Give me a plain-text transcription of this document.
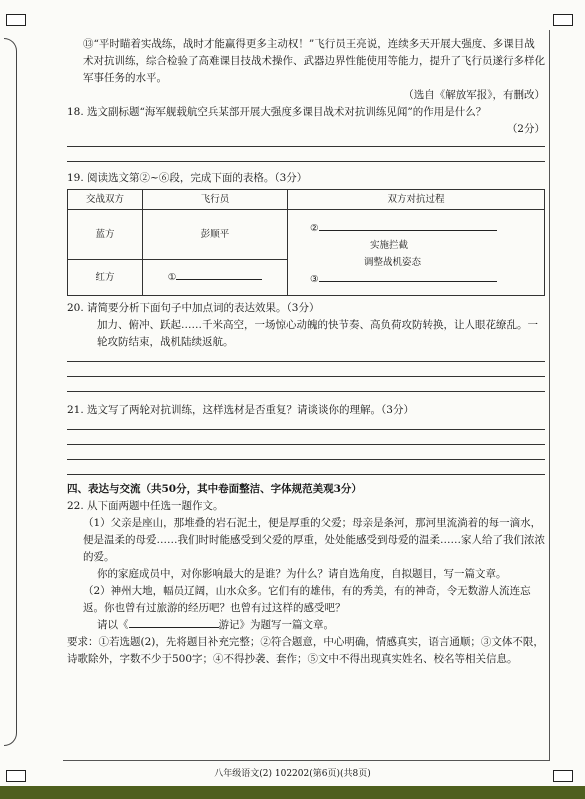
⑬“平时瞄着实战练，战时才能赢得更多主动权！”飞行员王亮说，连续多天开展大强度、多课目战术对抗训练，综合检验了高难课目技战术操作、武器边界性能使用等能力，提升了飞行员遂行多样化军事任务的水平。

（选自《解放军报》，有删改）

18. 选文副标题“海军舰载航空兵某部开展大强度多课目战术对抗训练见闻”的作用是什么？

（2分）

19. 阅读选文第②~⑥段，完成下面的表格。（3分）

交战双方	飞行员	双方对抗过程
蓝方	彭顺平	②
实施拦截
调整战机姿态
③

红方	①	

20. 请简要分析下面句子中加点词的表达效果。（3分）

加力、俯冲、跃起……千米高空，一场惊心动魄的快节奏、高负荷攻防转换，让人眼花缭乱。一轮攻防结束，战机陆续返航。

21. 选文写了两轮对抗训练，这样选材是否重复？请谈谈你的理解。（3分）

四、表达与交流（共50分，其中卷面整洁、字体规范美观3分）

22. 从下面两题中任选一题作文。

（1）父亲是座山，那堆叠的岩石泥土，便是厚重的父爱；母亲是条河，那河里流淌着的每一滴水，便是温柔的母爱……我们时时能感受到父爱的厚重，处处能感受到母爱的温柔……家人给了我们浓浓的爱。

你的家庭成员中，对你影响最大的是谁？为什么？请自选角度，自拟题目，写一篇文章。

（2）神州大地，幅员辽阔，山水众多。它们有的雄伟，有的秀美，有的神奇，令无数游人流连忘返。你也曾有过旅游的经历吧？也曾有过这样的感受吧？

请以《	游记》为题写一篇文章。

要求：①若选题(2)，先将题目补充完整；②符合题意，中心明确，情感真实，语言通顺；③文体不限，诗歌除外，字数不少于500字；④不得抄袭、套作；⑤文中不得出现真实姓名、校名等相关信息。

八年级语文(2) 102202(第6页)(共8页)
